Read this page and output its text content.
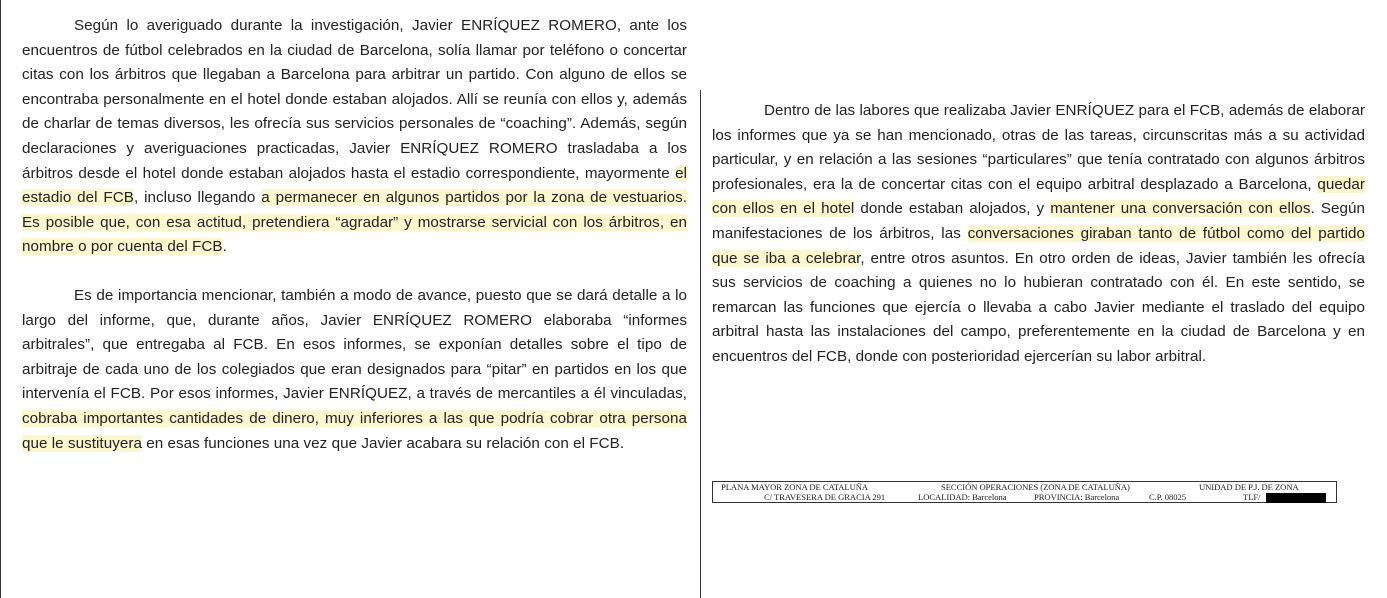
Según lo averiguado durante la investigación, Javier ENRÍQUEZ ROMERO, ante los encuentros de fútbol celebrados en la ciudad de Barcelona, solía llamar por teléfono o concertar citas con los árbitros que llegaban a Barcelona para arbitrar un partido. Con alguno de ellos se encontraba personalmente en el hotel donde estaban alojados. Allí se reunía con ellos y, además de charlar de temas diversos, les ofrecía sus servicios personales de “coaching”. Además, según declaraciones y averiguaciones practicadas, Javier ENRÍQUEZ ROMERO trasladaba a los árbitros desde el hotel donde estaban alojados hasta el estadio correspondiente, mayormente el estadio del FCB, incluso llegando a permanecer en algunos partidos por la zona de vestuarios. Es posible que, con esa actitud, pretendiera “agradar” y mostrarse servicial con los árbitros, en nombre o por cuenta del FCB.

Es de importancia mencionar, también a modo de avance, puesto que se dará detalle a lo largo del informe, que, durante años, Javier ENRÍQUEZ ROMERO elaboraba “informes arbitrales”, que entregaba al FCB. En esos informes, se exponían detalles sobre el tipo de arbitraje de cada uno de los colegiados que eran designados para “pitar” en partidos en los que intervenía el FCB. Por esos informes, Javier ENRÍQUEZ, a través de mercantiles a él vinculadas, cobraba importantes cantidades de dinero, muy inferiores a las que podría cobrar otra persona que le sustituyera en esas funciones una vez que Javier acabara su relación con el FCB.

Dentro de las labores que realizaba Javier ENRÍQUEZ para el FCB, además de elaborar los informes que ya se han mencionado, otras de las tareas, circunscritas más a su actividad particular, y en relación a las sesiones “particulares” que tenía contratado con algunos árbitros profesionales, era la de concertar citas con el equipo arbitral desplazado a Barcelona, quedar con ellos en el hotel donde estaban alojados, y mantener una conversación con ellos. Según manifestaciones de los árbitros, las conversaciones giraban tanto de fútbol como del partido que se iba a celebrar, entre otros asuntos. En otro orden de ideas, Javier también les ofrecía sus servicios de coaching a quienes no lo hubieran contratado con él. En este sentido, se remarcan las funciones que ejercía o llevaba a cabo Javier mediante el traslado del equipo arbitral hasta las instalaciones del campo, preferentemente en la ciudad de Barcelona y en encuentros del FCB, donde con posterioridad ejercerían su labor arbitral.

PLANA MAYOR ZONA DE CATALUÑA	SECCIÓN OPERACIONES (ZONA DE CATALUÑA)	UNIDAD DE P.J. DE ZONA
C/ TRAVESERA DE GRACIA 291	LOCALIDAD: Barcelona	PROVINCIA: Barcelona	C.P. 08025	TLF/
